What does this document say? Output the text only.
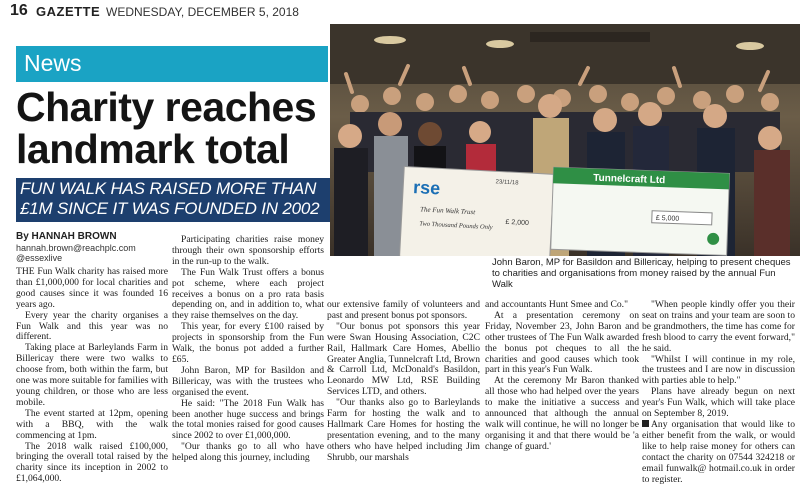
16 GAZETTE WEDNESDAY, DECEMBER 5, 2018
News
Charity reaches landmark total
FUN WALK HAS RAISED MORE THAN £1M SINCE IT WAS FOUNDED IN 2002
rse	23/11/18
The Fun Walk Trust
Two Thousand Pounds Only £ 2,000
Tunnelcraft Ltd
£ 5,000
John Baron, MP for Basildon and Billericay, helping to present cheques to charities and organisations from money raised by the annual Fun Walk
By HANNAH BROWN
hannah.brown@reachplc.com
@essexlive

THE Fun Walk charity has raised more than £1,000,000 for local charities and good causes since it was founded 16 years ago.

Every year the charity organises a Fun Walk and this year was no different.

Taking place at Barleylands Farm in Billericay there were two walks to choose from, both within the farm, but one was more suitable for families with young children, or those who are less mobile.

The event started at 12pm, opening with a BBQ, with the walk commencing at 1pm.

The 2018 walk raised £100,000, bringing the overall total raised by the charity since its inception in 2002 to £1,064,000.

Participating charities raise money through their own sponsorship efforts in the run-up to the walk.

The Fun Walk Trust offers a bonus pot scheme, where each project receives a bonus on a pro rata basis depending on, and in addition to, what they raise themselves on the day.

This year, for every £100 raised by projects in sponsorship from the Fun Walk, the bonus pot added a further £65.

John Baron, MP for Basildon and Billericay, was with the trustees who organised the event.

He said: "The 2018 Fun Walk has been another huge success and brings the total monies raised for good causes since 2002 to over £1,000,000.

"Our thanks go to all who have helped along this journey, including

our extensive family of volunteers and past and present bonus pot sponsors.

"Our bonus pot sponsors this year were Swan Housing Association, C2C Rail, Hallmark Care Homes, Abellio Greater Anglia, Tunnelcraft Ltd, Brown & Carroll Ltd, McDonald's Basildon, Leonardo MW Ltd, RSE Building Services LTD, and others.

"Our thanks also go to Barleylands Farm for hosting the walk and to Hallmark Care Homes for hosting the presentation evening, and to the many others who have helped including Jim Shrubb, our marshals

and accountants Hunt Smee and Co."

At a presentation ceremony on Friday, November 23, John Baron and other trustees of The Fun Walk awarded the bonus pot cheques to all the charities and good causes which took part in this year's Fun Walk.

At the ceremony Mr Baron thanked all those who had helped over the years to make the initiative a success and announced that although the annual walk will continue, he will no longer be organising it and that there would be 'a change of guard.'

"When people kindly offer you their seat on trains and your team are soon to be grandmothers, the time has come for fresh blood to carry the event forward," he said.

"Whilst I will continue in my role, the trustees and I are now in discussion with parties able to help."

Plans have already begun on next year's Fun Walk, which will take place on September 8, 2019.

Any organisation that would like to either benefit from the walk, or would like to help raise money for others can contact the charity on 07544 324218 or email funwalk@ hotmail.co.uk in order to register.
